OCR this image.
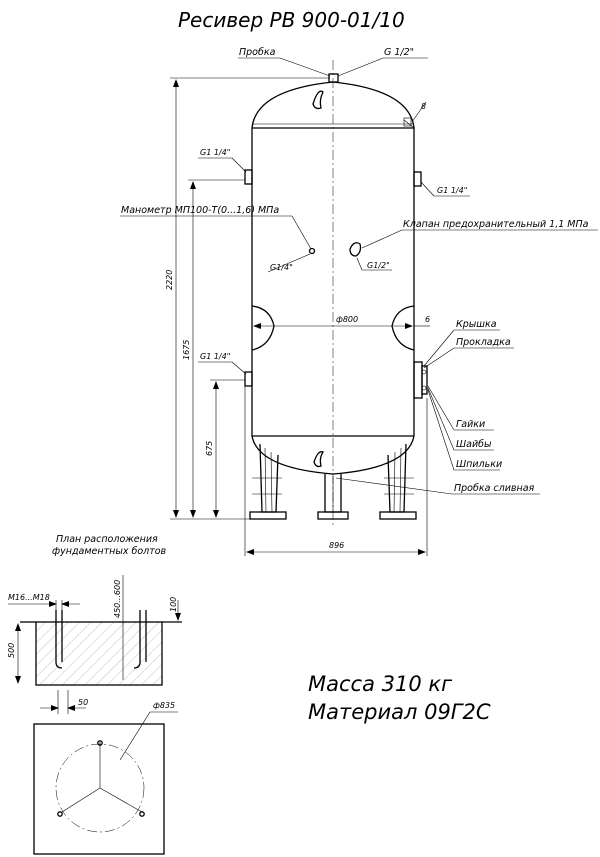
Ресивер РВ 900-01/10
ф800	6
8
2220
1675
675
896
Пробка	G 1/2"
G1 1/4"
G1 1/4"
G1 1/4"
Манометр МП100-Т(0...1,6) МПа
Клапан предохранительный 1,1 МПа
G1/4"	G1/2"
Крышка
Прокладка
Гайки
Шайбы
Шпильки
Пробка сливная
План расположения
фундаментных болтов
M16...M18	450...600
500
100
50	ф835
Масса 310 кг
Материал 09Г2С
